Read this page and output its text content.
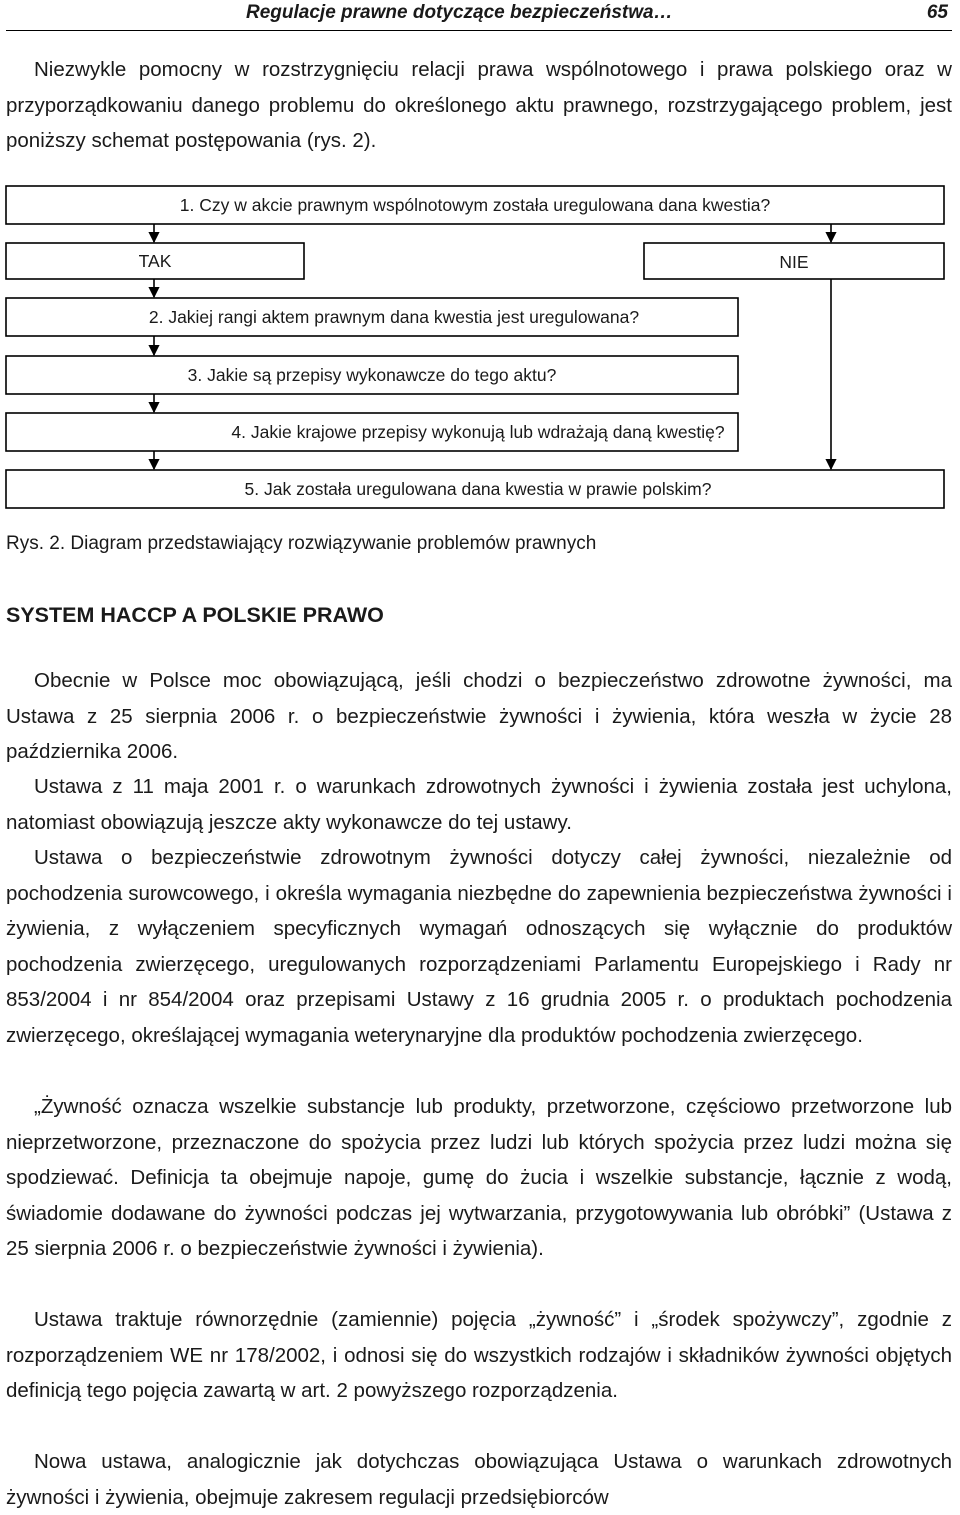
Regulacje prawne dotyczące bezpieczeństwa…	65

Niezwykle pomocny w rozstrzygnięciu relacji prawa wspólnotowego i prawa polskiego oraz w przyporządkowaniu danego problemu do określonego aktu prawnego, rozstrzygającego problem, jest poniższy schemat postępowania (rys. 2).

1. Czy w akcie prawnym wspólnotowym została uregulowana dana kwestia?
TAK	NIE
2. Jakiej rangi aktem prawnym dana kwestia jest uregulowana?
3. Jakie są przepisy wykonawcze do tego aktu?
4. Jakie krajowe przepisy wykonują lub wdrażają daną kwestię?
5. Jak została uregulowana dana kwestia w prawie polskim?
Rys. 2. Diagram przedstawiający rozwiązywanie problemów prawnych
SYSTEM HACCP A POLSKIE PRAWO

Obecnie w Polsce moc obowiązującą, jeśli chodzi o bezpieczeństwo zdrowotne żywności, ma Ustawa z 25 sierpnia 2006 r. o bezpieczeństwie żywności i żywienia, która weszła w życie 28 października 2006.

Ustawa z 11 maja 2001 r. o warunkach zdrowotnych żywności i żywienia została jest uchylona, natomiast obowiązują jeszcze akty wykonawcze do tej ustawy.

Ustawa o bezpieczeństwie zdrowotnym żywności dotyczy całej żywności, niezależnie od pochodzenia surowcowego, i określa wymagania niezbędne do zapewnienia bezpieczeństwa żywności i żywienia, z wyłączeniem specyficznych wymagań odnoszących się wyłącznie do produktów pochodzenia zwierzęcego, uregulowanych rozporządzeniami Parlamentu Europejskiego i Rady nr 853/2004 i nr 854/2004 oraz przepisami Ustawy z 16 grudnia 2005 r. o produktach pochodzenia zwierzęcego, określającej wymagania weterynaryjne dla produktów pochodzenia zwierzęcego.

„Żywność oznacza wszelkie substancje lub produkty, przetworzone, częściowo przetworzone lub nieprzetworzone, przeznaczone do spożycia przez ludzi lub których spożycia przez ludzi można się spodziewać. Definicja ta obejmuje napoje, gumę do żucia i wszelkie substancje, łącznie z wodą, świadomie dodawane do żywności podczas jej wytwarzania, przygotowywania lub obróbki” (Ustawa z 25 sierpnia 2006 r. o bezpieczeństwie żywności i żywienia).

Ustawa traktuje równorzędnie (zamiennie) pojęcia „żywność” i „środek spożywczy”, zgodnie z rozporządzeniem WE nr 178/2002, i odnosi się do wszystkich rodzajów i składników żywności objętych definicją tego pojęcia zawartą w art. 2 powyższego rozporządzenia.

Nowa ustawa, analogicznie jak dotychczas obowiązująca Ustawa o warunkach zdrowotnych żywności i żywienia, obejmuje zakresem regulacji przedsiębiorców
